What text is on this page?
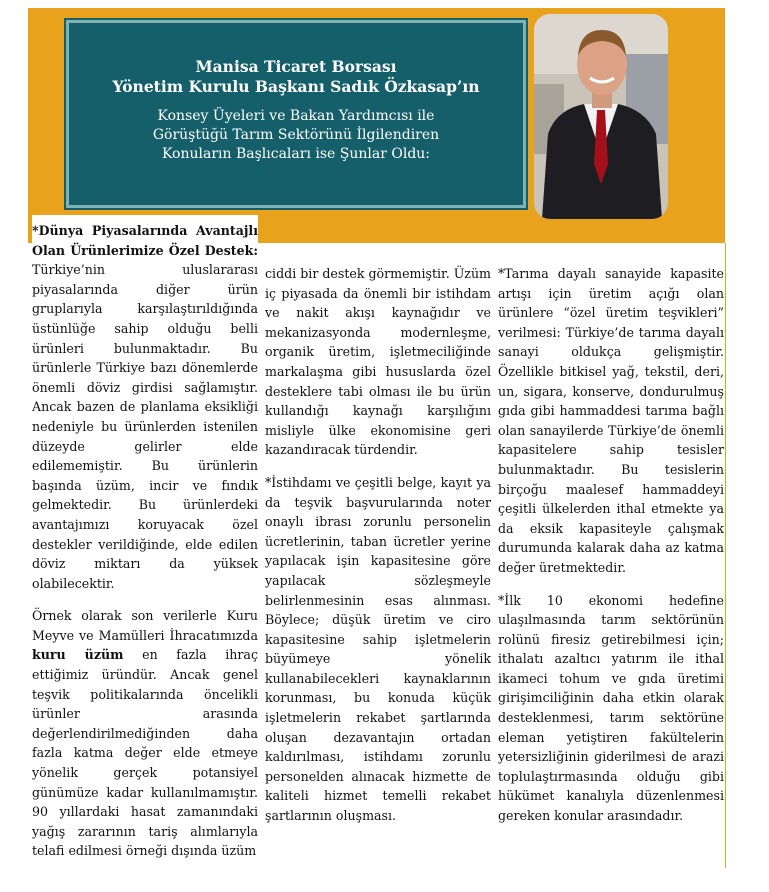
Manisa Ticaret Borsası
Yönetim Kurulu Başkanı Sadık Özkasap’ın
Konsey Üyeleri ve Bakan Yardımcısı ile
Görüştüğü Tarım Sektörünü İlgilendiren
Konuların Başlıcaları ise Şunlar Oldu:

*Dünya Piyasalarında Avantajlı Olan Ürünlerimize Özel Destek: Türkiye’nin uluslararası piyasalarında diğer ürün gruplarıyla karşılaştırıldığında üstünlüğe sahip olduğu belli ürünleri bulunmaktadır. Bu ürünlerle Türkiye bazı dönemlerde önemli döviz girdisi sağlamıştır. Ancak bazen de planlama eksikliği nedeniyle bu ürünlerden istenilen düzeyde gelirler elde edilememiştir. Bu ürünlerin başında üzüm, incir ve fındık gelmektedir. Bu ürünlerdeki avantajımızı koruyacak özel destekler verildiğinde, elde edilen döviz miktarı da yüksek olabilecektir.

Örnek olarak son verilerle Kuru Meyve ve Mamülleri İhracatımızda kuru üzüm en fazla ihraç ettiğimiz üründür. Ancak genel teşvik politikalarında öncelikli ürünler arasında değerlendirilmediğinden daha fazla katma değer elde etmeye yönelik gerçek potansiyel günümüze kadar kullanılmamıştır. 90 yıllardaki hasat zamanındaki yağış zararının tariş alımlarıyla telafi edilmesi örneği dışında üzüm

ciddi bir destek görmemiştir. Üzüm iç piyasada da önemli bir istihdam ve nakit akışı kaynağıdır ve mekanizasyonda modernleşme, organik üretim, işletmeciliğinde markalaşma gibi hususlarda özel desteklere tabi olması ile bu ürün kullandığı kaynağı karşılığını misliyle ülke ekonomisine geri kazandıracak türdendir.

*İstihdamı ve çeşitli belge, kayıt ya da teşvik başvurularında noter onaylı ibrası zorunlu personelin ücretlerinin, taban ücretler yerine yapılacak işin kapasitesine göre yapılacak sözleşmeyle belirlenmesinin esas alınması. Böylece; düşük üretim ve ciro kapasitesine sahip işletmelerin büyümeye yönelik kullanabilecekleri kaynaklarının korunması, bu konuda küçük işletmelerin rekabet şartlarında oluşan dezavantajın ortadan kaldırılması, istihdamı zorunlu personelden alınacak hizmette de kaliteli hizmet temelli rekabet şartlarının oluşması.

*Tarıma dayalı sanayide kapasite artışı için üretim açığı olan ürünlere “özel üretim teşvikleri” verilmesi: Türkiye’de tarıma dayalı sanayi oldukça gelişmiştir. Özellikle bitkisel yağ, tekstil, deri, un, sigara, konserve, dondurulmuş gıda gibi hammaddesi tarıma bağlı olan sanayilerde Türkiye’de önemli kapasitelere sahip tesisler bulunmaktadır. Bu tesislerin birçoğu maalesef hammaddeyi çeşitli ülkelerden ithal etmekte ya da eksik kapasiteyle çalışmak durumunda kalarak daha az katma değer üretmektedir.

*İlk 10 ekonomi hedefine ulaşılmasında tarım sektörünün rolünü firesiz getirebilmesi için; ithalatı azaltıcı yatırım ile ithal ikameci tohum ve gıda üretimi girişimciliğinin daha etkin olarak desteklenmesi, tarım sektörüne eleman yetiştiren fakültelerin yetersizliğinin giderilmesi de arazi toplulaştırmasında olduğu gibi hükümet kanalıyla düzenlenmesi gereken konular arasındadır.
